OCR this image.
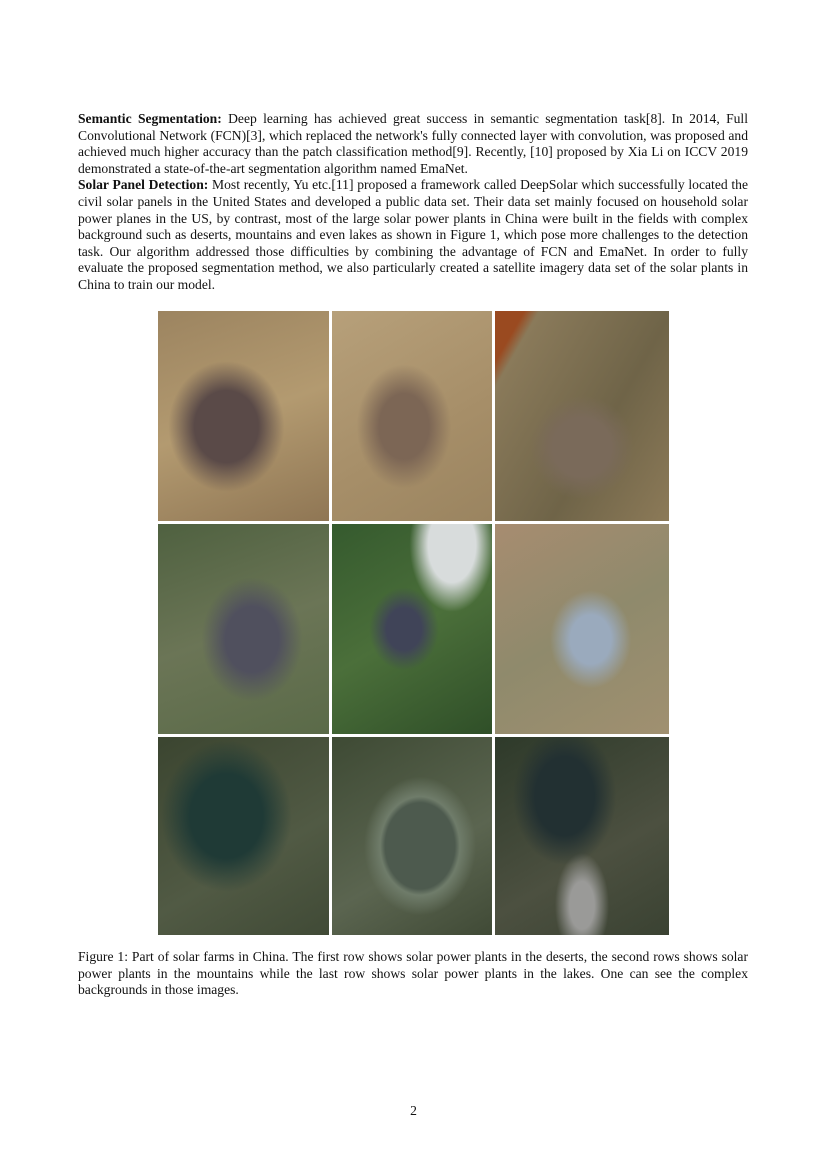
Semantic Segmentation: Deep learning has achieved great success in semantic segmentation task[8]. In 2014, Full Convolutional Network (FCN)[3], which replaced the network's fully connected layer with convolution, was proposed and achieved much higher accuracy than the patch classification method[9]. Recently, [10] proposed by Xia Li on ICCV 2019 demonstrated a state-of-the-art segmentation algorithm named EmaNet.

Solar Panel Detection: Most recently, Yu etc.[11] proposed a framework called DeepSolar which successfully located the civil solar panels in the United States and developed a public data set. Their data set mainly focused on household solar power planes in the US, by contrast, most of the large solar power plants in China were built in the fields with complex background such as deserts, mountains and even lakes as shown in Figure 1, which pose more challenges to the detection task. Our algorithm addressed those difficulties by combining the advantage of FCN and EmaNet. In order to fully evaluate the proposed segmentation method, we also particularly created a satellite imagery data set of the solar plants in China to train our model.

Figure 1: Part of solar farms in China. The first row shows solar power plants in the deserts, the second rows shows solar power plants in the mountains while the last row shows solar power plants in the lakes. One can see the complex backgrounds in those images.
2
